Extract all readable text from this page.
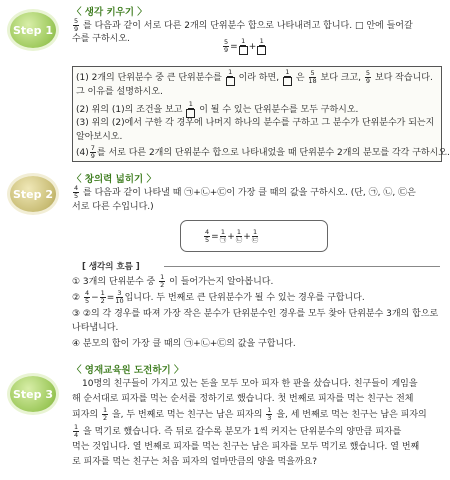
Step 1
〈 생각 키우기 〉
$\frac{5}{9}$ 를 다음과 같이 서로 다른 2개의 단위분수 합으로 나타내려고 합니다. □ 안에 들어갈
수를 구하시오.	$\frac{5}{9}$ =
1
+
1
(1) 2개의 단위분수 중 큰 단위분수를
1
이라 하면,
1
은 $\frac{5}{18}$ 보다 크고, $\frac{5}{9}$ 보다 작습니다.
그 이유를 설명하시오.
(2) 위의 (1)의 조건을 보고
1
이 될 수 있는 단위분수를 모두 구하시오.
(3) 위의 (2)에서 구한 각 경우에 나머지 하나의 분수를 구하고 그 분수가 단위분수가 되는지
알아보시오.
$(4) \frac{7}{9}$ 를 서로 다른 2개의 단위분수 합으로 나타내었을 때 단위분수 2개의 분모를 각각 구하시오.
Step 2
〈 창의력 넓히기 〉
$\frac{4}{5}$ 를 다음과 같이 나타낼 때 ㉠+㉡+㉢이 가장 클 때의 값을 구하시오. (단, ㉠, ㉡, ㉢은
서로 다른 수입니다.)
$\frac{4}{5} = \frac{1}{㉠} + \frac{1}{㉡} + \frac{1}{㉢}$
[ 생각의 흐름 ]
① 3개의 단위분수 중 $\frac{1}{2}$ 이 들어가는지 알아봅니다.
② $\frac{4}{5} - \frac{1}{2} = \frac{3}{10}$ 입니다. 두 번째로 큰 단위분수가 될 수 있는 경우를 구합니다.
③ ②의 각 경우를 따져 가장 작은 분수가 단위분수인 경우를 모두 찾아 단위분수 3개의 합으로
나타냅니다.
④ 분모의 합이 가장 클 때의 ㉠+㉡+㉢의 값을 구합니다.
Step 3
〈 영재교육원 도전하기 〉
10명의 친구들이 가지고 있는 돈을 모두 모아 피자 한 판을 샀습니다. 친구들이 게임을
해 순서대로 피자를 먹는 순서를 정하기로 했습니다. 첫 번째로 피자를 먹는 친구는 전체
피자의 $\frac{1}{2}$ 을, 두 번째로 먹는 친구는 남은 피자의 $\frac{1}{3}$ 을, 세 번째로 먹는 친구는 남은 피자의
$\frac{1}{4}$ 을 먹기로 했습니다. 즉 뒤로 갈수록 분모가 1씩 커지는 단위분수의 양만큼 피자를
먹는 것입니다. 열 번째로 피자를 먹는 친구는 남은 피자를 모두 먹기로 했습니다. 열 번째
로 피자를 먹는 친구는 처음 피자의 얼마만큼의 양을 먹을까요?
